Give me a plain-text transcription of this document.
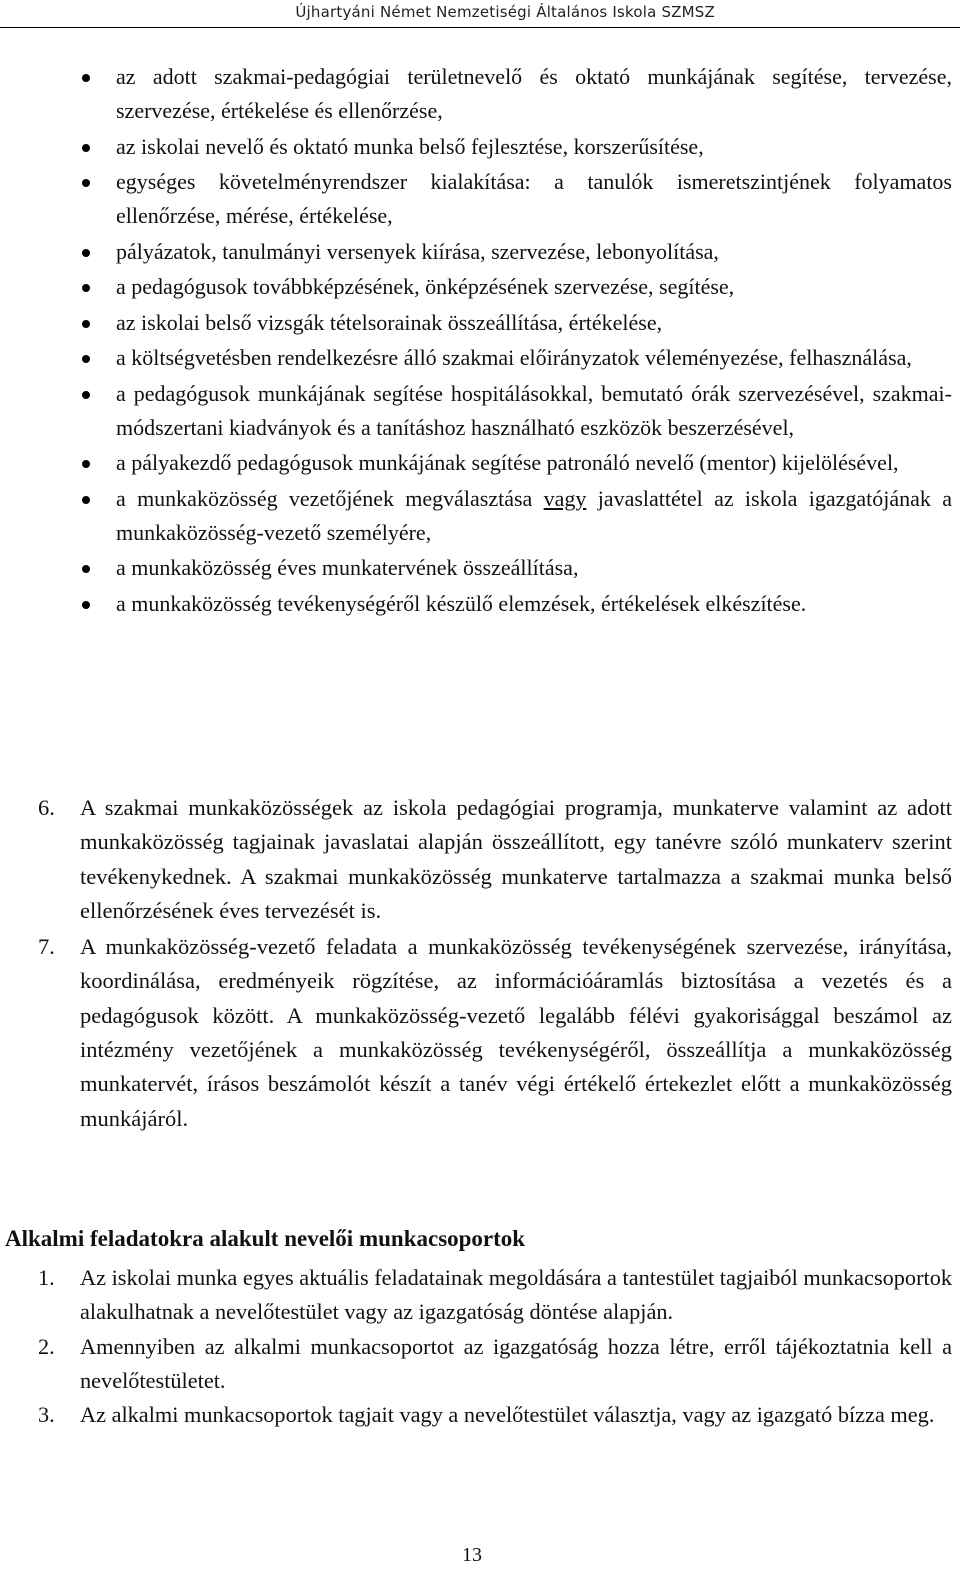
Újhartyáni Német Nemzetiségi Általános Iskola SZMSZ
az adott szakmai-pedagógiai területnevelő és oktató munkájának segítése, tervezése, szervezése, értékelése és ellenőrzése,
az iskolai nevelő és oktató munka belső fejlesztése, korszerűsítése,
egységes követelményrendszer kialakítása: a tanulók ismeretszintjének folyamatos ellenőrzése, mérése, értékelése,
pályázatok, tanulmányi versenyek kiírása, szervezése, lebonyolítása,
a pedagógusok továbbképzésének, önképzésének szervezése, segítése,
az iskolai belső vizsgák tételsorainak összeállítása, értékelése,
a költségvetésben rendelkezésre álló szakmai előirányzatok véleményezése, felhasználása,
a pedagógusok munkájának segítése hospitálásokkal, bemutató órák szervezésével, szakmai-módszertani kiadványok és a tanításhoz használható eszközök beszerzésével,
a pályakezdő pedagógusok munkájának segítése patronáló nevelő (mentor) kijelölésével,
a munkaközösség vezetőjének megválasztása vagy javaslattétel az iskola igazgatójának a munkaközösség-vezető személyére,
a munkaközösség éves munkatervének összeállítása,
a munkaközösség tevékenységéről készülő elemzések, értékelések elkészítése.
6. A szakmai munkaközösségek az iskola pedagógiai programja, munkaterve valamint az adott munkaközösség tagjainak javaslatai alapján összeállított, egy tanévre szóló munkaterv szerint tevékenykednek. A szakmai munkaközösség munkaterve tartalmazza a szakmai munka belső ellenőrzésének éves tervezését is.
7. A munkaközösség-vezető feladata a munkaközösség tevékenységének szervezése, irányítása, koordinálása, eredményeik rögzítése, az információáramlás biztosítása a vezetés és a pedagógusok között. A munkaközösség-vezető legalább félévi gyakorisággal beszámol az intézmény vezetőjének a munkaközösség tevékenységéről, összeállítja a munkaközösség munkatervét, írásos beszámolót készít a tanév végi értékelő értekezlet előtt a munkaközösség munkájáról.
Alkalmi feladatokra alakult nevelői munkacsoportok
1. Az iskolai munka egyes aktuális feladatainak megoldására a tantestület tagjaiból munkacsoportok alakulhatnak a nevelőtestület vagy az igazgatóság döntése alapján.
2. Amennyiben az alkalmi munkacsoportot az igazgatóság hozza létre, erről tájékoztatnia kell a nevelőtestületet.
3. Az alkalmi munkacsoportok tagjait vagy a nevelőtestület választja, vagy az igazgató bízza meg.
13
